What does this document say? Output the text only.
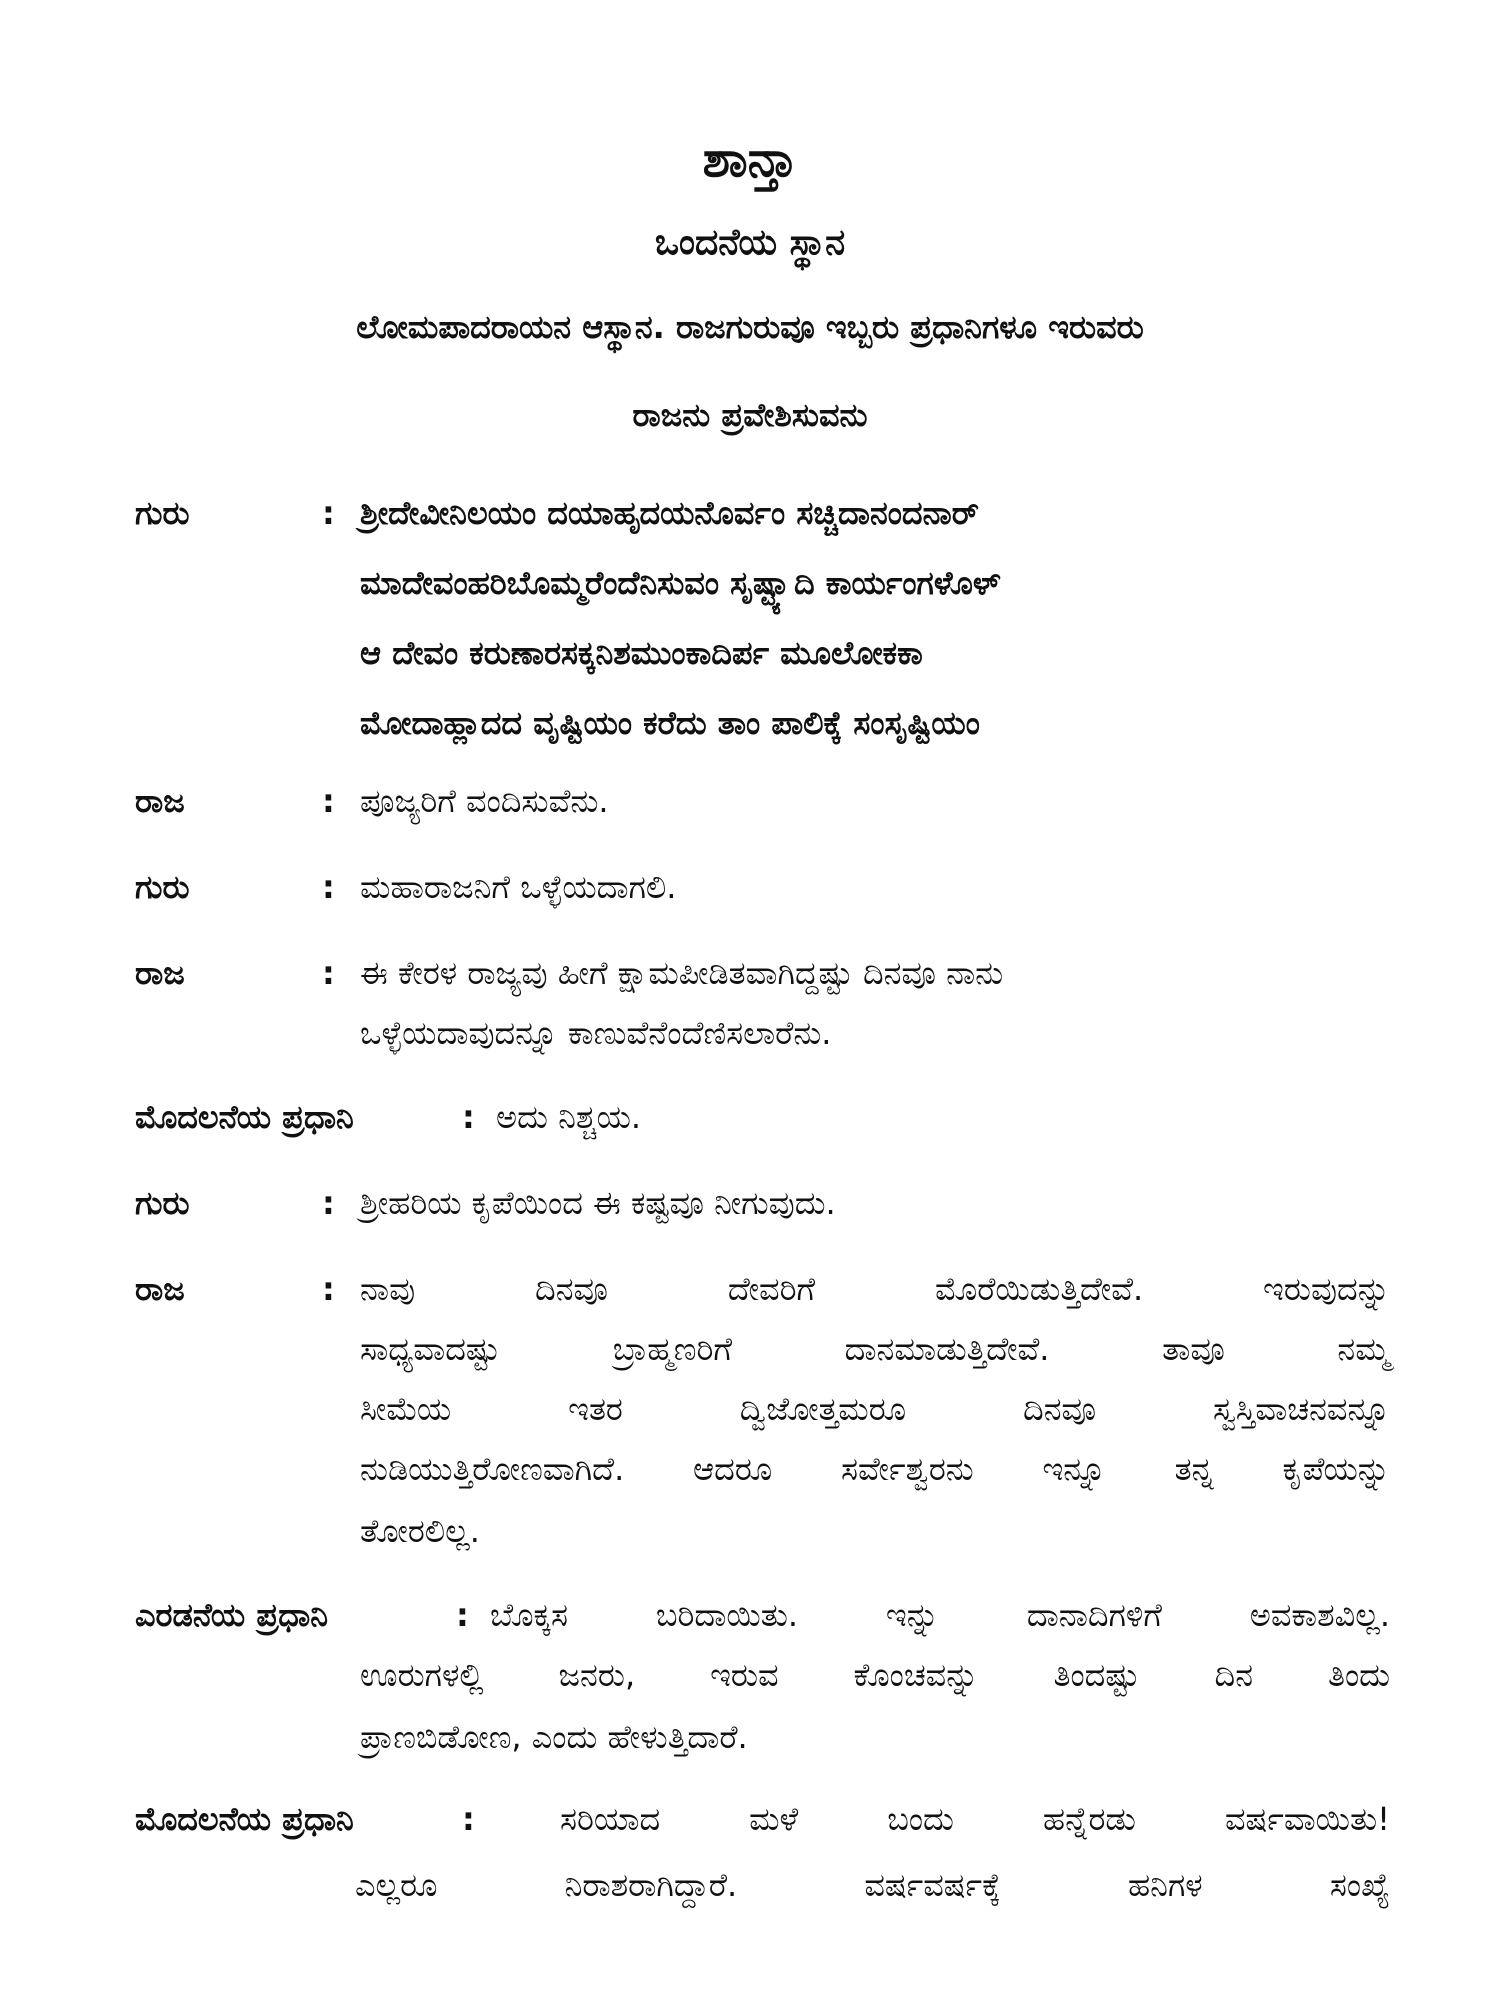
ಶಾನ್ತಾ
ಒಂದನೆಯ ಸ್ಥಾನ
ಲೋಮಪಾದರಾಯನ ಆಸ್ಥಾನ. ರಾಜಗುರುವೂ ಇಬ್ಬರು ಪ್ರಧಾನಿಗಳೂ ಇರುವರು
ರಾಜನು ಪ್ರವೇಶಿಸುವನು
ಗುರು	: ಶ್ರೀದೇವೀನಿಲಯಂ ದಯಾಹೃದಯನೊರ್ವಂ ಸಚ್ಚಿದಾನಂದನಾರ್
ಮಾದೇವಂಹರಿಬೊಮ್ಮರೆಂದೆನಿಸುವಂ ಸೃಷ್ಟ್ಯಾದಿ ಕಾರ್ಯಂಗಳೊಳ್
ಆ ದೇವಂ ಕರುಣಾರಸಕ್ಕನಿಶಮುಂಕಾದಿರ್ಪ ಮೂಲೋಕಕಾ
ಮೋದಾಹ್ಲಾದದ ವೃಷ್ಟಿಯಂ ಕರೆದು ತಾಂ ಪಾಲಿಕ್ಕೆ ಸಂಸೃಷ್ಟಿಯಂ
ರಾಜ	: ಪೂಜ್ಯರಿಗೆ ವಂದಿಸುವೆನು.
ಗುರು	: ಮಹಾರಾಜನಿಗೆ ಒಳ್ಳೆಯದಾಗಲಿ.
ರಾಜ	: ಈ ಕೇರಳ ರಾಜ್ಯವು ಹೀಗೆ ಕ್ಷಾಮಪೀಡಿತವಾಗಿದ್ದಷ್ಟು ದಿನವೂ ನಾನು
ಒಳ್ಳೆಯದಾವುದನ್ನೂ ಕಾಣುವೆನೆಂದೆಣಿಸಲಾರೆನು.
ಮೊದಲನೆಯ ಪ್ರಧಾನಿ	: ಅದು ನಿಶ್ಚಯ.
ಗುರು	: ಶ್ರೀಹರಿಯ ಕೃಪೆಯಿಂದ ಈ ಕಷ್ಟವೂ ನೀಗುವುದು.
ರಾಜ	: ನಾವು ದಿನವೂ ದೇವರಿಗೆ ಮೊರೆಯಿಡುತ್ತಿದೇವೆ. ಇರುವುದನ್ನು
ಸಾಧ್ಯವಾದಷ್ಟು ಬ್ರಾಹ್ಮಣರಿಗೆ ದಾನಮಾಡುತ್ತಿದೇವೆ. ತಾವೂ ನಮ್ಮ
ಸೀಮೆಯ ಇತರ ದ್ವಿಜೋತ್ತಮರೂ ದಿನವೂ ಸ್ವಸ್ತಿವಾಚನವನ್ನೂ
ನುಡಿಯುತ್ತಿರೋಣವಾಗಿದೆ. ಆದರೂ ಸರ್ವೇಶ್ವರನು ಇನ್ನೂ ತನ್ನ ಕೃಪೆಯನ್ನು
ತೋರಲಿಲ್ಲ.
ಎರಡನೆಯ ಪ್ರಧಾನಿ	: ಬೊಕ್ಕಸ ಬರಿದಾಯಿತು. ಇನ್ನು ದಾನಾದಿಗಳಿಗೆ ಅವಕಾಶವಿಲ್ಲ.
ಊರುಗಳಲ್ಲಿ ಜನರು, ಇರುವ ಕೊಂಚವನ್ನು ತಿಂದಷ್ಟು ದಿನ ತಿಂದು
ಪ್ರಾಣಬಿಡೋಣ, ಎಂದು ಹೇಳುತ್ತಿದಾರೆ.
ಮೊದಲನೆಯ ಪ್ರಧಾನಿ	:	ಸರಿಯಾದ ಮಳೆ ಬಂದು ಹನ್ನೆರಡು ವರ್ಷವಾಯಿತು!
ಎಲ್ಲರೂ ನಿರಾಶರಾಗಿದ್ದಾರೆ. ವರ್ಷವರ್ಷಕ್ಕೆ ಹನಿಗಳ ಸಂಖ್ಯೆ
